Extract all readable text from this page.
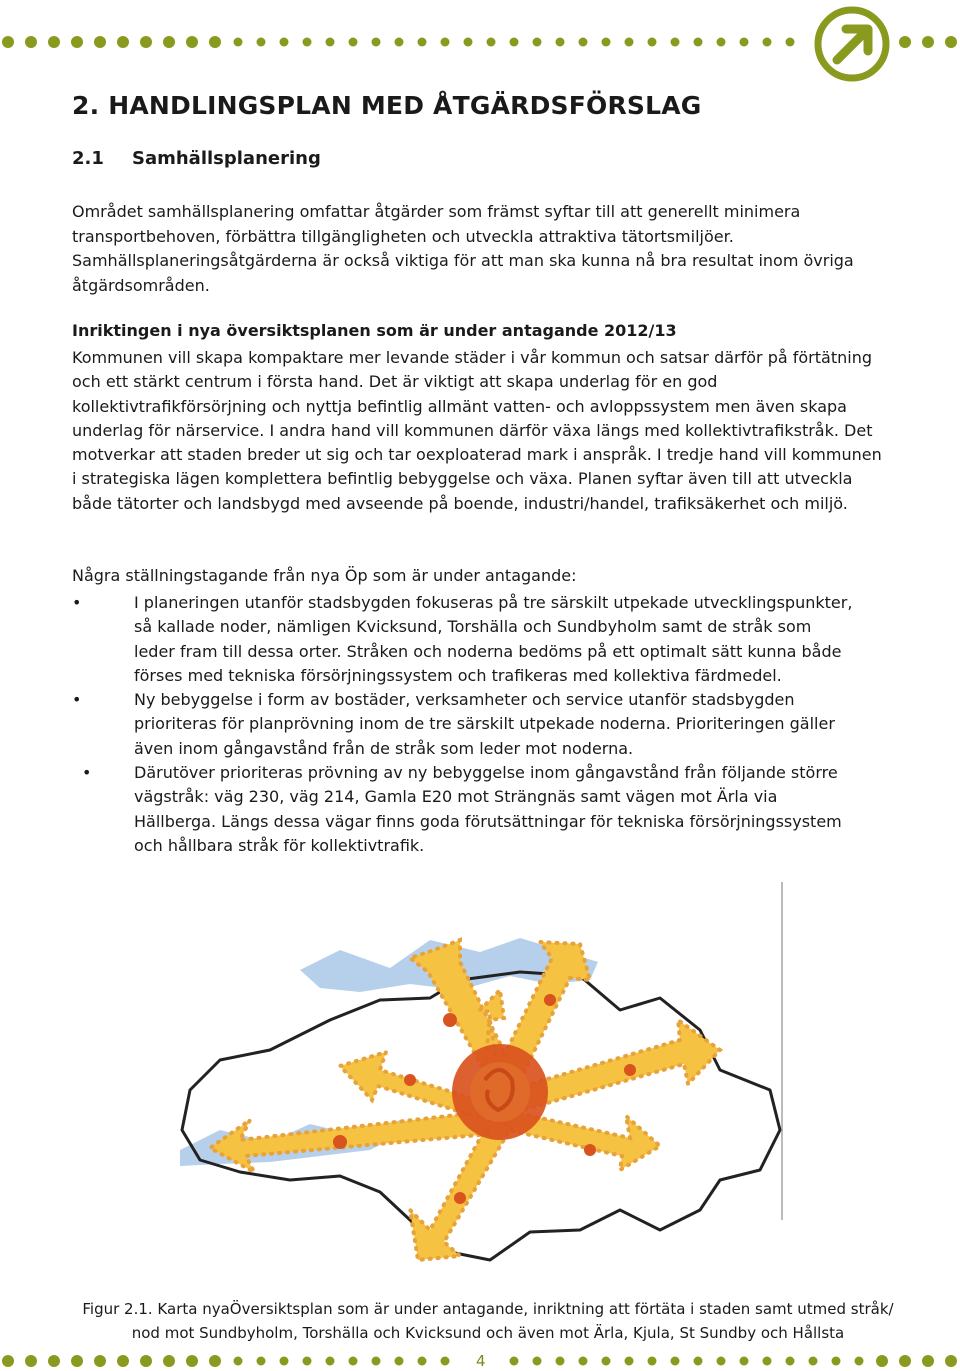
2. HANDLINGSPLAN MED ÅTGÄRDSFÖRSLAG
2.1 Samhällsplanering

Området samhällsplanering omfattar åtgärder som främst syftar till att generellt minimera transportbehoven, förbättra tillgängligheten och utveckla attraktiva tätortsmiljöer. Samhällsplaneringsåtgärderna är också viktiga för att man ska kunna nå bra resultat inom övriga åtgärdsområden.

Inriktingen i nya översiktsplanen som är under antagande 2012/13

Kommunen vill skapa kompaktare mer levande städer i vår kommun och satsar därför på förtätning och ett stärkt centrum i första hand. Det är viktigt att skapa underlag för en god kollektivtrafikförsörjning och nyttja befintlig allmänt vatten- och avloppssystem men även skapa underlag för närservice. I andra hand vill kommunen därför växa längs med kollektivtrafikstråk. Det motverkar att staden breder ut sig och tar oexploaterad mark i anspråk. I tredje hand vill kommunen i strategiska lägen komplettera befintlig bebyggelse och växa. Planen syftar även till att utveckla både tätorter och landsbygd med avseende på boende, industri/handel, trafiksäkerhet och miljö.

Några ställningstagande från nya Öp som är under antagande:
•	I planeringen utanför stadsbygden fokuseras på tre särskilt utpekade utvecklingspunkter, så kallade noder, nämligen Kvicksund, Torshälla och Sundbyholm samt de stråk som leder fram till dessa orter. Stråken och noderna bedöms på ett optimalt sätt kunna både förses med tekniska försörjningssystem och trafikeras med kollektiva färdmedel.
•	Ny bebyggelse i form av bostäder, verksamheter och service utanför stadsbygden prioriteras för planprövning inom de tre särskilt utpekade noderna. Prioriteringen gäller även inom gångavstånd från de stråk som leder mot noderna.
•	Därutöver prioriteras prövning av ny bebyggelse inom gångavstånd från följande större vägstråk: väg 230, väg 214, Gamla E20 mot Strängnäs samt vägen mot Ärla via Hällberga. Längs dessa vägar finns goda förutsättningar för tekniska försörjningssystem och hållbara stråk för kollektivtrafik.

Figur 2.1. Karta nyaÖversiktsplan som är under antagande, inriktning att förtäta i staden samt utmed stråk/ nod mot Sundbyholm, Torshälla och Kvicksund och även mot Ärla, Kjula, St Sundby och Hållsta

4
